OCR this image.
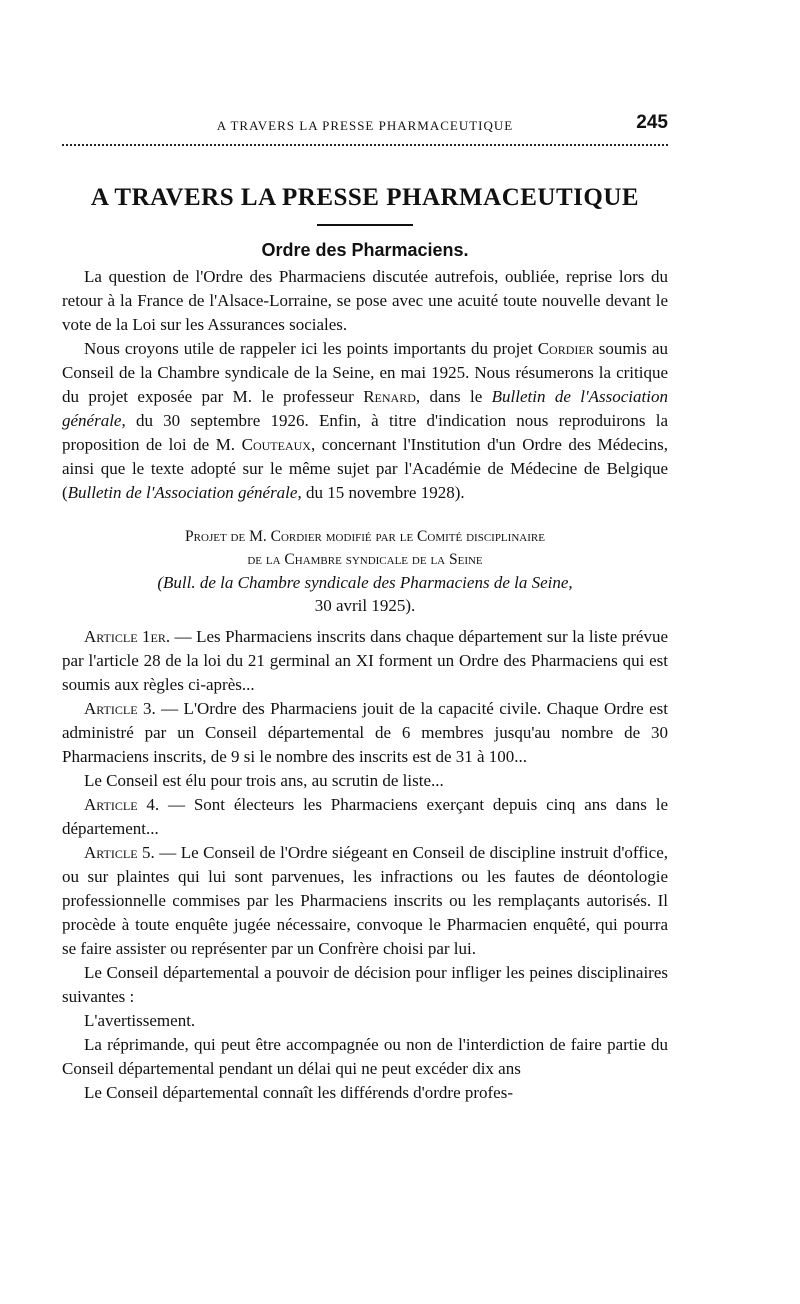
A TRAVERS LA PRESSE PHARMACEUTIQUE	245
A TRAVERS LA PRESSE PHARMACEUTIQUE
Ordre des Pharmaciens.

La question de l'Ordre des Pharmaciens discutée autrefois, oubliée, reprise lors du retour à la France de l'Alsace-Lorraine, se pose avec une acuité toute nouvelle devant le vote de la Loi sur les Assurances sociales.

Nous croyons utile de rappeler ici les points importants du projet Cordier soumis au Conseil de la Chambre syndicale de la Seine, en mai 1925. Nous résumerons la critique du projet exposée par M. le professeur Renard, dans le Bulletin de l'Association générale, du 30 septembre 1926. Enfin, à titre d'indication nous reproduirons la proposition de loi de M. Couteaux, concernant l'Institution d'un Ordre des Médecins, ainsi que le texte adopté sur le même sujet par l'Académie de Médecine de Belgique (Bulletin de l'Association générale, du 15 novembre 1928).

Projet de M. Cordier modifié par le Comité disciplinaire
de la Chambre syndicale de la Seine
(Bull. de la Chambre syndicale des Pharmaciens de la Seine,
30 avril 1925).

Article 1er. — Les Pharmaciens inscrits dans chaque département sur la liste prévue par l'article 28 de la loi du 21 germinal an XI forment un Ordre des Pharmaciens qui est soumis aux règles ci-après...

Article 3. — L'Ordre des Pharmaciens jouit de la capacité civile. Chaque Ordre est administré par un Conseil départemental de 6 membres jusqu'au nombre de 30 Pharmaciens inscrits, de 9 si le nombre des inscrits est de 31 à 100...

Le Conseil est élu pour trois ans, au scrutin de liste...

Article 4. — Sont électeurs les Pharmaciens exerçant depuis cinq ans dans le département...

Article 5. — Le Conseil de l'Ordre siégeant en Conseil de discipline instruit d'office, ou sur plaintes qui lui sont parvenues, les infractions ou les fautes de déontologie professionnelle commises par les Pharmaciens inscrits ou les remplaçants autorisés. Il procède à toute enquête jugée nécessaire, convoque le Pharmacien enquêté, qui pourra se faire assister ou représenter par un Confrère choisi par lui.

Le Conseil départemental a pouvoir de décision pour infliger les peines disciplinaires suivantes :

L'avertissement.

La réprimande, qui peut être accompagnée ou non de l'interdiction de faire partie du Conseil départemental pendant un délai qui ne peut excéder dix ans

Le Conseil départemental connaît les différends d'ordre profes-
